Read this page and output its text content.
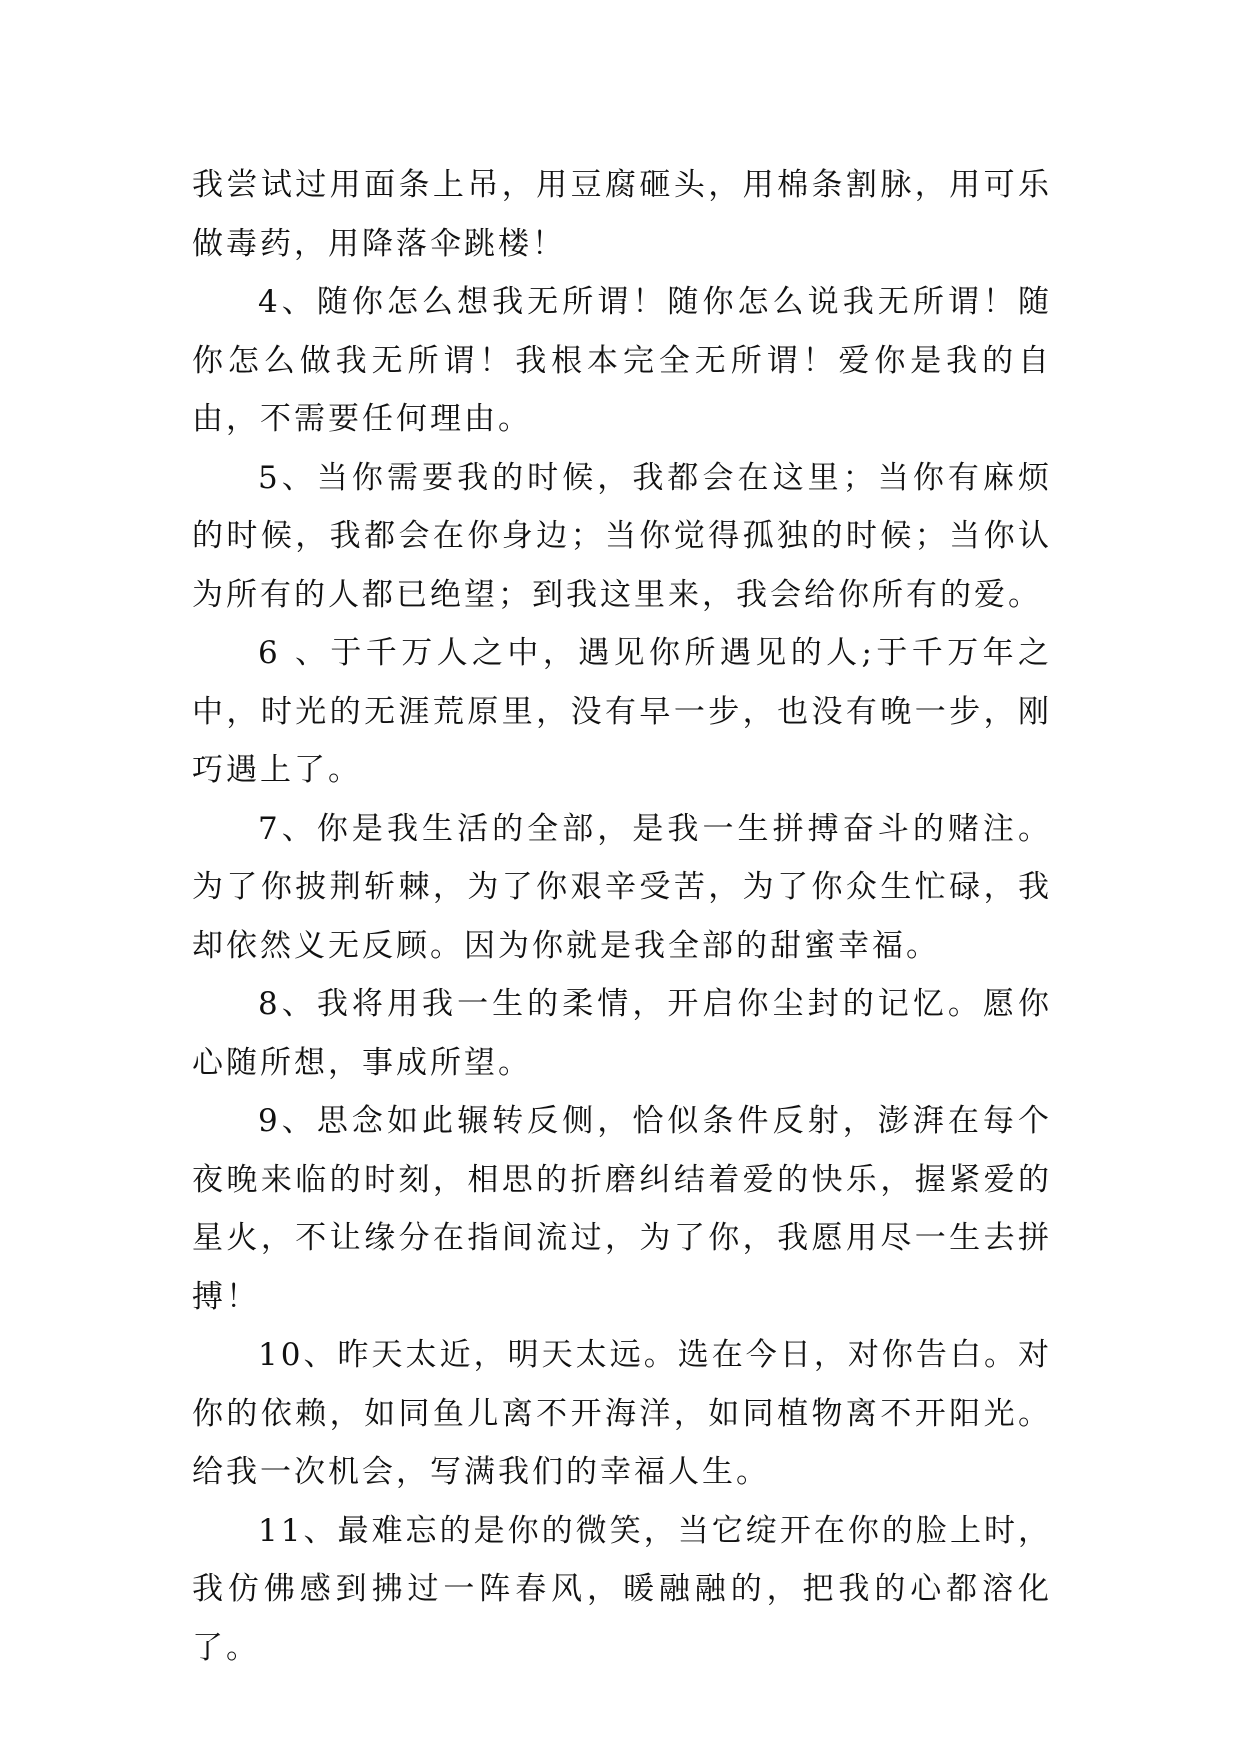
我尝试过用面条上吊，用豆腐砸头，用棉条割脉，用可乐做毒药，用降落伞跳楼！

4、随你怎么想我无所谓！随你怎么说我无所谓！随你怎么做我无所谓！我根本完全无所谓！爱你是我的自由，不需要任何理由。

5、当你需要我的时候，我都会在这里；当你有麻烦的时候，我都会在你身边；当你觉得孤独的时候；当你认为所有的人都已绝望；到我这里来，我会给你所有的爱。

6 、于千万人之中，遇见你所遇见的人;于千万年之中，时光的无涯荒原里，没有早一步，也没有晚一步，刚巧遇上了。

7、你是我生活的全部，是我一生拼搏奋斗的赌注。为了你披荆斩棘，为了你艰辛受苦，为了你众生忙碌，我却依然义无反顾。因为你就是我全部的甜蜜幸福。

8、我将用我一生的柔情，开启你尘封的记忆。愿你心随所想，事成所望。

9、思念如此辗转反侧，恰似条件反射，澎湃在每个夜晚来临的时刻，相思的折磨纠结着爱的快乐，握紧爱的星火，不让缘分在指间流过，为了你，我愿用尽一生去拼搏！

10、昨天太近，明天太远。选在今日，对你告白。对你的依赖，如同鱼儿离不开海洋，如同植物离不开阳光。给我一次机会，写满我们的幸福人生。

11、最难忘的是你的微笑，当它绽开在你的脸上时，我仿佛感到拂过一阵春风，暖融融的，把我的心都溶化了。
